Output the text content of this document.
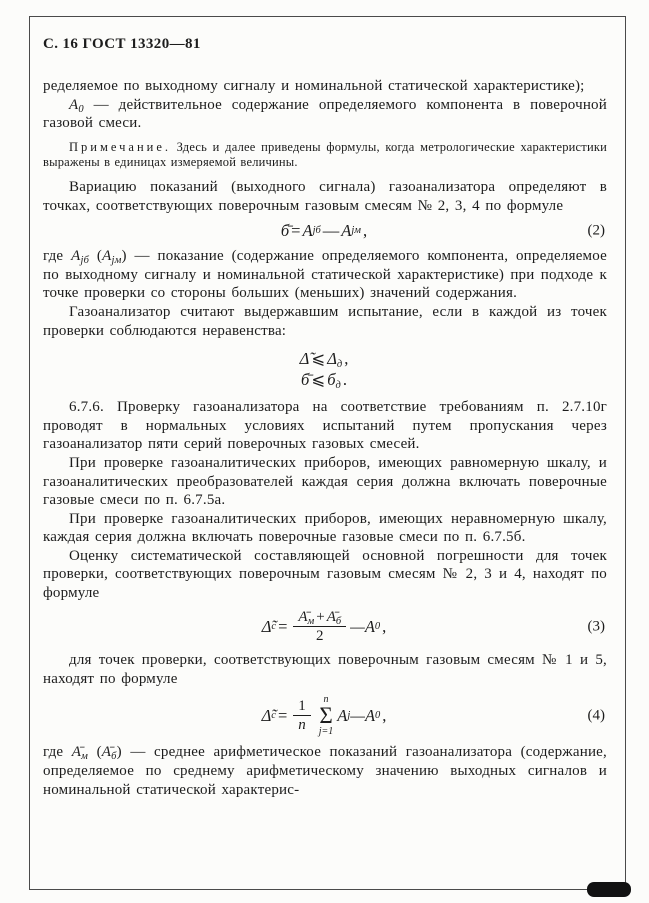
С. 16 ГОСТ 13320—81

ределяемое по выходному сигналу и номинальной статической характеристике);

$А_0$ — действительное содержание определяемого компонента в поверочной газовой смеси.

Примечание. Здесь и далее приведены формулы, когда метрологические характеристики выражены в единицах измеряемой величины.

Вариацию показаний (выходного сигнала) газоанализатора определяют в точках, соответствующих поверочным газовым смесям № 2, 3, 4 по формуле

б̄ = А jб — А jм ,	(2)

где $А_{jб}$ $(А_{jм})$ — показание (содержание определяемого компонента, определяемое по выходному сигналу и номинальной статической характеристике) при подходе к точке проверки со стороны больших (меньших) значений содержания.

Газоанализатор считают выдержавшим испытание, если в каждой из точек проверки соблюдаются неравенства:

Δ̃ ⩽ $\Delta_д$ ,
б̄ ⩽ $б_д$ .

6.7.6. Проверку газоанализатора на соответствие требованиям п. 2.7.10г проводят в нормальных условиях испытаний путем пропускания через газоанализатор пяти серий поверочных газовых смесей.

При проверке газоаналитических приборов, имеющих равномерную шкалу, и газоаналитических преобразователей каждая серия должна включать поверочные газовые смеси по п. 6.7.5а.

При проверке газоаналитических приборов, имеющих неравномерную шкалу, каждая серия должна включать поверочные газовые смеси по п. 6.7.5б.

Оценку систематической составляющей основной погрешности для точек проверки, соответствующих поверочным газовым смесям № 2, 3 и 4, находят по формуле

Δ̃ $с = \frac{А̄_м + А̄_б}{2}$ —А 0 ,	(3)

для точек проверки, соответствующих поверочным газовым смесям № 1 и 5, находят по формуле

Δ̃ $с = \frac{1}{n}$ n
Σ
j=1
А j —А 0 ,	(4)

где $А̄_м$ $(А̄_б)$ — среднее арифметическое показаний газоанализатора (содержание, определяемое по среднему арифметическому значению выходных сигналов и номинальной статической характерис-
